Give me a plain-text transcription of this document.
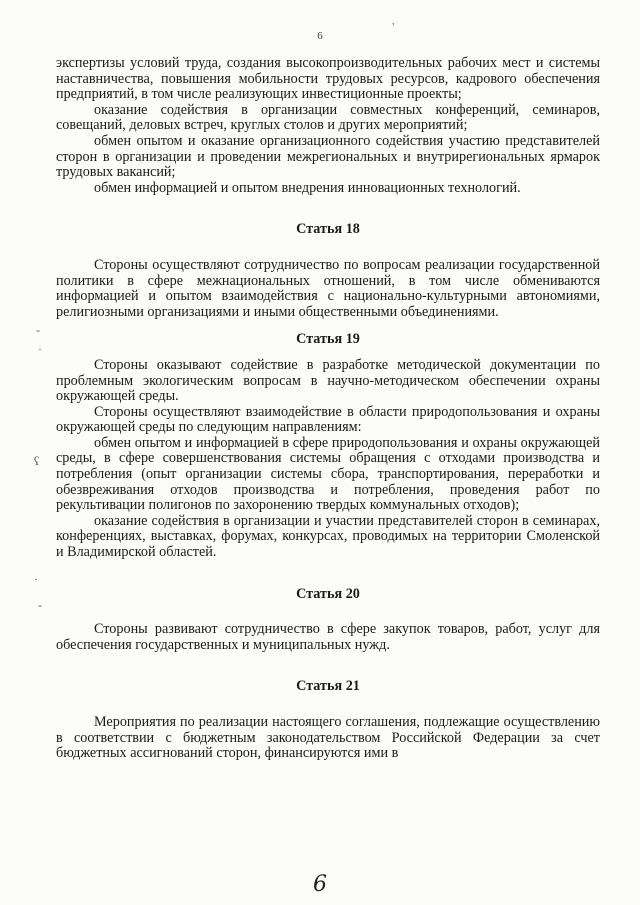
,
6
-
·
ʕ
·
-

экспертизы условий труда, создания высокопроизводительных рабочих мест и системы наставничества, повышения мобильности трудовых ресурсов, кадрового обеспечения предприятий, в том числе реализующих инвестиционные проекты;

оказание содействия в организации совместных конференций, семинаров, совещаний, деловых встреч, круглых столов и других мероприятий;

обмен опытом и оказание организационного содействия участию представителей сторон в организации и проведении межрегиональных и внутрирегиональных ярмарок трудовых вакансий;

обмен информацией и опытом внедрения инновационных технологий.

Статья 18

Стороны осуществляют сотрудничество по вопросам реализации государственной политики в сфере межнациональных отношений, в том числе обмениваются информацией и опытом взаимодействия с национально-культурными автономиями, религиозными организациями и иными общественными объединениями.

Статья 19

Стороны оказывают содействие в разработке методической документации по проблемным экологическим вопросам в научно-методическом обеспечении охраны окружающей среды.

Стороны осуществляют взаимодействие в области природопользования и охраны окружающей среды по следующим направлениям:

обмен опытом и информацией в сфере природопользования и охраны окружающей среды, в сфере совершенствования системы обращения с отходами производства и потребления (опыт организации системы сбора, транспортирования, переработки и обезвреживания отходов производства и потребления, проведения работ по рекультивации полигонов по захоронению твердых коммунальных отходов);

оказание содействия в организации и участии представителей сторон в семинарах, конференциях, выставках, форумах, конкурсах, проводимых на территории Смоленской и Владимирской областей.

Статья 20

Стороны развивают сотрудничество в сфере закупок товаров, работ, услуг для обеспечения государственных и муниципальных нужд.

Статья 21

Мероприятия по реализации настоящего соглашения, подлежащие осуществлению в соответствии с бюджетным законодательством Российской Федерации за счет бюджетных ассигнований сторон, финансируются ими в

6
